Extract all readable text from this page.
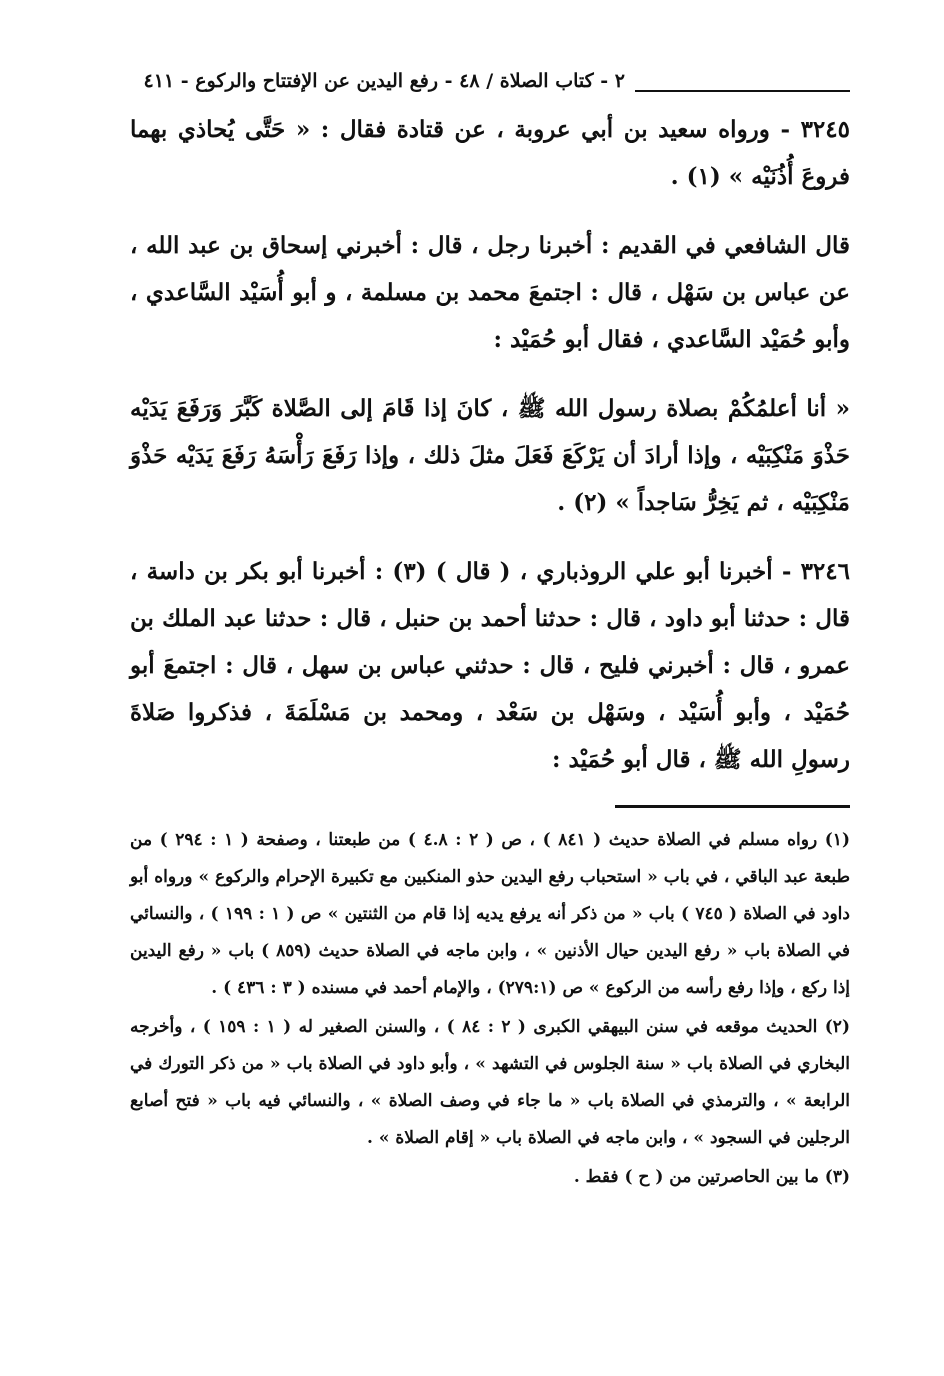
٢ - كتاب الصلاة / ٤٨ - رفع اليدين عن الإفتتاح والركوع - ٤١١

٣٢٤٥ - ورواه سعيد بن أبي عروبة ، عن قتادة فقال : « حَتَّى يُحاذي بهما فروعَ أُذُنَيْه » (١) .

قال الشافعي في القديم : أخبرنا رجل ، قال : أخبرني إسحاق بن عبد الله ، عن عباس بن سَهْل ، قال : اجتمعَ محمد بن مسلمة ، و أبو أُسَيْد السَّاعدي ، وأبو حُمَيْد السَّاعدي ، فقال أبو حُمَيْد :

« أنا أعلمُكُمْ بصلاة رسول الله ﷺ ، كانَ إذا قَامَ إلى الصَّلاة كَبَّرَ وَرَفَعَ يَدَيْه حَذْوَ مَنْكِبَيْه ، وإذا أرادَ أن يَرْكَعَ فَعَلَ مثلَ ذلك ، وإذا رَفَعَ رَأْسَهُ رَفَعَ يَدَيْه حَذْوَ مَنْكِبَيْه ، ثم يَخِرُّ سَاجداً » (٢) .

٣٢٤٦ - أخبرنا أبو علي الروذباري ، ( قال ) (٣) : أخبرنا أبو بكر بن داسة ، قال : حدثنا أبو داود ، قال : حدثنا أحمد بن حنبل ، قال : حدثنا عبد الملك بن عمرو ، قال : أخبرني فليح ، قال : حدثني عباس بن سهل ، قال : اجتمعَ أبو حُمَيْد ، وأبو أُسَيْد ، وسَهْل بن سَعْد ، ومحمد بن مَسْلَمَةَ ، فذكروا صَلاةَ رسولِ الله ﷺ ، قال أبو حُمَيْد :

(١) رواه مسلم في الصلاة حديث ( ٨٤١ ) ، ص ( ٢ : ٤.٨ ) من طبعتنا ، وصفحة ( ١ : ٢٩٤ ) من طبعة عبد الباقي ، في باب « استحباب رفع اليدين حذو المنكبين مع تكبيرة الإحرام والركوع » ورواه أبو داود في الصلاة ( ٧٤٥ ) باب « من ذكر أنه يرفع يديه إذا قام من الثنتين » ص ( ١ : ١٩٩ ) ، والنسائي في الصلاة باب « رفع اليدين حيال الأذنين » ، وابن ماجه في الصلاة حديث (٨٥٩ ) باب « رفع اليدين إذا ركع ، وإذا رفع رأسه من الركوع » ص (٢٧٩:١) ، والإمام أحمد في مسنده ( ٣ : ٤٣٦ ) .

(٢) الحديث موقعه في سنن البيهقي الكبرى ( ٢ : ٨٤ ) ، والسنن الصغير له ( ١ : ١٥٩ ) ، وأخرجه البخاري في الصلاة باب « سنة الجلوس في التشهد » ، وأبو داود في الصلاة باب « من ذكر التورك في الرابعة » ، والترمذي في الصلاة باب « ما جاء في وصف الصلاة » ، والنسائي فيه باب « فتح أصابع الرجلين في السجود » ، وابن ماجه في الصلاة باب « إقام الصلاة » .

(٣) ما بين الحاصرتين من ( ح ) فقط .
